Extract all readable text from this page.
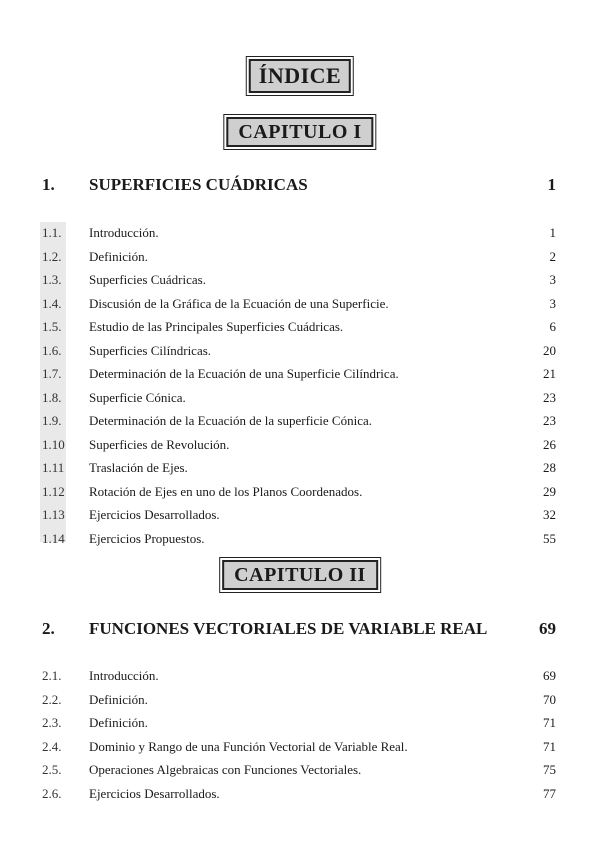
ÍNDICE
CAPITULO I
1. SUPERFICIES CUÁDRICAS	1
1.1. Introducción.	1
1.2. Definición.	2
1.3. Superficies Cuádricas.	3
1.4. Discusión de la Gráfica de la Ecuación de una Superficie.	3
1.5. Estudio de las Principales Superficies Cuádricas.	6
1.6. Superficies Cilíndricas.	20
1.7. Determinación de la Ecuación de una Superficie Cilíndrica.	21
1.8. Superficie Cónica.	23
1.9. Determinación de la Ecuación de la superficie Cónica.	23
1.10 Superficies de Revolución.	26
1.11 Traslación de Ejes.	28
1.12 Rotación de Ejes en uno de los Planos Coordenados.	29
1.13 Ejercicios Desarrollados.	32
1.14 Ejercicios Propuestos.	55
CAPITULO II
2. FUNCIONES VECTORIALES DE VARIABLE REAL	69
2.1. Introducción.	69
2.2. Definición.	70
2.3. Definición.	71
2.4. Dominio y Rango de una Función Vectorial de Variable Real.	71
2.5. Operaciones Algebraicas con Funciones Vectoriales.	75
2.6. Ejercicios Desarrollados.	77
